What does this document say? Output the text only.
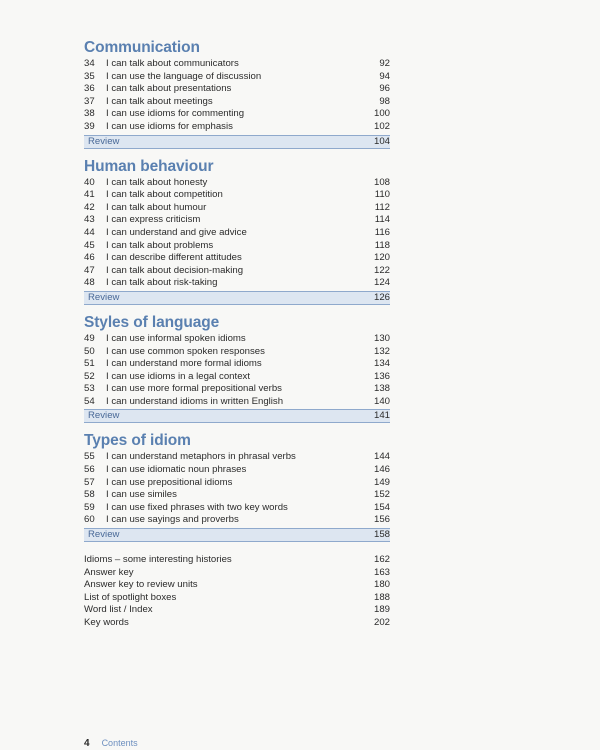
Communication
34	I can talk about communicators	92
35	I can use the language of discussion	94
36	I can talk about presentations	96
37	I can talk about meetings	98
38	I can use idioms for commenting	100
39	I can use idioms for emphasis	102
Review	104
Human behaviour
40	I can talk about honesty	108
41	I can talk about competition	110
42	I can talk about humour	112
43	I can express criticism	114
44	I can understand and give advice	116
45	I can talk about problems	118
46	I can describe different attitudes	120
47	I can talk about decision-making	122
48	I can talk about risk-taking	124
Review	126
Styles of language
49	I can use informal spoken idioms	130
50	I can use common spoken responses	132
51	I can understand more formal idioms	134
52	I can use idioms in a legal context	136
53	I can use more formal prepositional verbs	138
54	I can understand idioms in written English	140
Review	141
Types of idiom
55	I can understand metaphors in phrasal verbs	144
56	I can use idiomatic noun phrases	146
57	I can use prepositional idioms	149
58	I can use similes	152
59	I can use fixed phrases with two key words	154
60	I can use sayings and proverbs	156
Review	158
Idioms – some interesting histories	162
Answer key	163
Answer key to review units	180
List of spotlight boxes	188
Word list / Index	189
Key words	202
4 Contents
